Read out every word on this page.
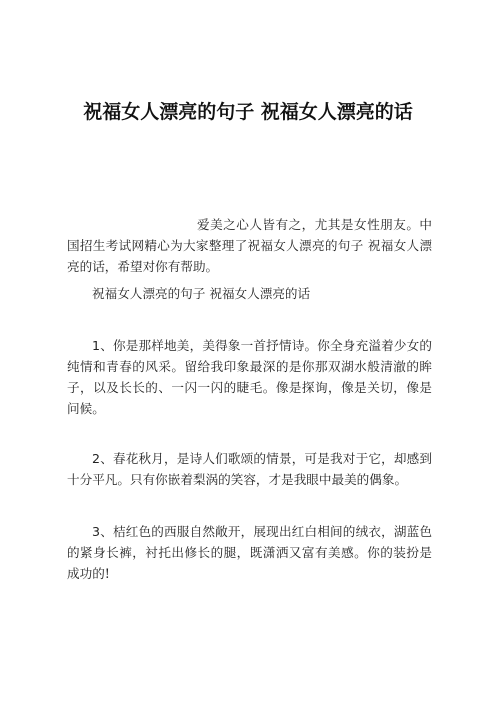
祝福女人漂亮的句子 祝福女人漂亮的话
爱美之心人皆有之，尤其是女性朋友。中国招生考试网精心为大家整理了祝福女人漂亮的句子 祝福女人漂亮的话，希望对你有帮助。
祝福女人漂亮的句子 祝福女人漂亮的话
1、你是那样地美，美得象一首抒情诗。你全身充溢着少女的纯情和青春的风采。留给我印象最深的是你那双湖水般清澈的眸子，以及长长的、一闪一闪的睫毛。像是探询，像是关切，像是问候。
2、春花秋月，是诗人们歌颂的情景，可是我对于它，却感到十分平凡。只有你嵌着梨涡的笑容，才是我眼中最美的偶象。
3、桔红色的西服自然敞开，展现出红白相间的绒衣，湖蓝色的紧身长裤，衬托出修长的腿，既潇洒又富有美感。你的装扮是成功的!
